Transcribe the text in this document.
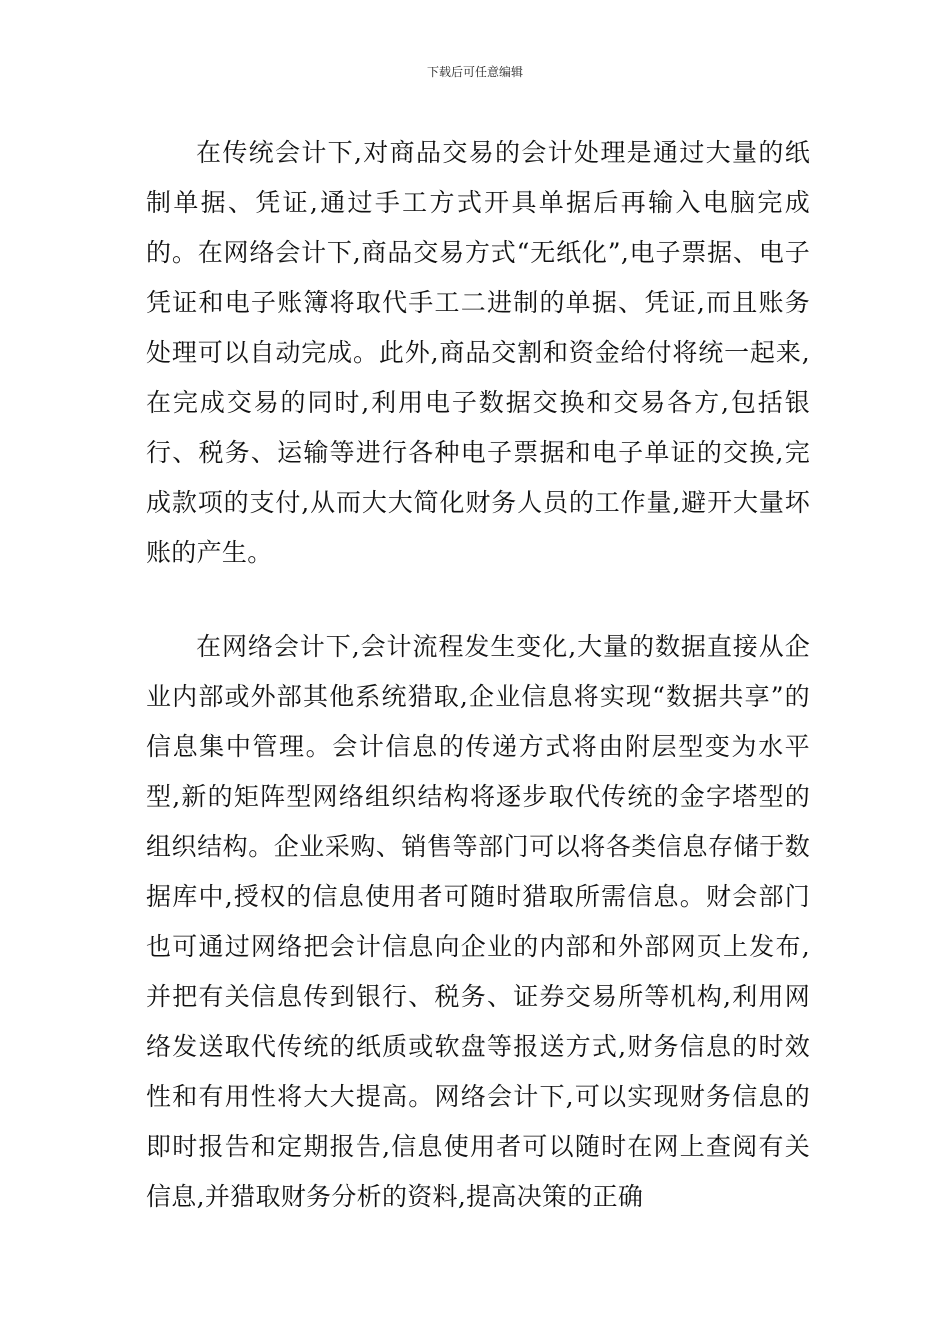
下载后可任意编辑

在传统会计下,对商品交易的会计处理是通过大量的纸制单据、凭证,通过手工方式开具单据后再输入电脑完成的。在网络会计下,商品交易方式“无纸化”,电子票据、电子凭证和电子账簿将取代手工二进制的单据、凭证,而且账务处理可以自动完成。此外,商品交割和资金给付将统一起来,在完成交易的同时,利用电子数据交换和交易各方,包括银行、税务、运输等进行各种电子票据和电子单证的交换,完成款项的支付,从而大大简化财务人员的工作量,避开大量坏账的产生。

在网络会计下,会计流程发生变化,大量的数据直接从企业内部或外部其他系统猎取,企业信息将实现“数据共享”的信息集中管理。会计信息的传递方式将由附层型变为水平型,新的矩阵型网络组织结构将逐步取代传统的金字塔型的组织结构。企业采购、销售等部门可以将各类信息存储于数据库中,授权的信息使用者可随时猎取所需信息。财会部门也可通过网络把会计信息向企业的内部和外部网页上发布,并把有关信息传到银行、税务、证券交易所等机构,利用网络发送取代传统的纸质或软盘等报送方式,财务信息的时效性和有用性将大大提高。网络会计下,可以实现财务信息的即时报告和定期报告,信息使用者可以随时在网上查阅有关信息,并猎取财务分析的资料,提高决策的正确
